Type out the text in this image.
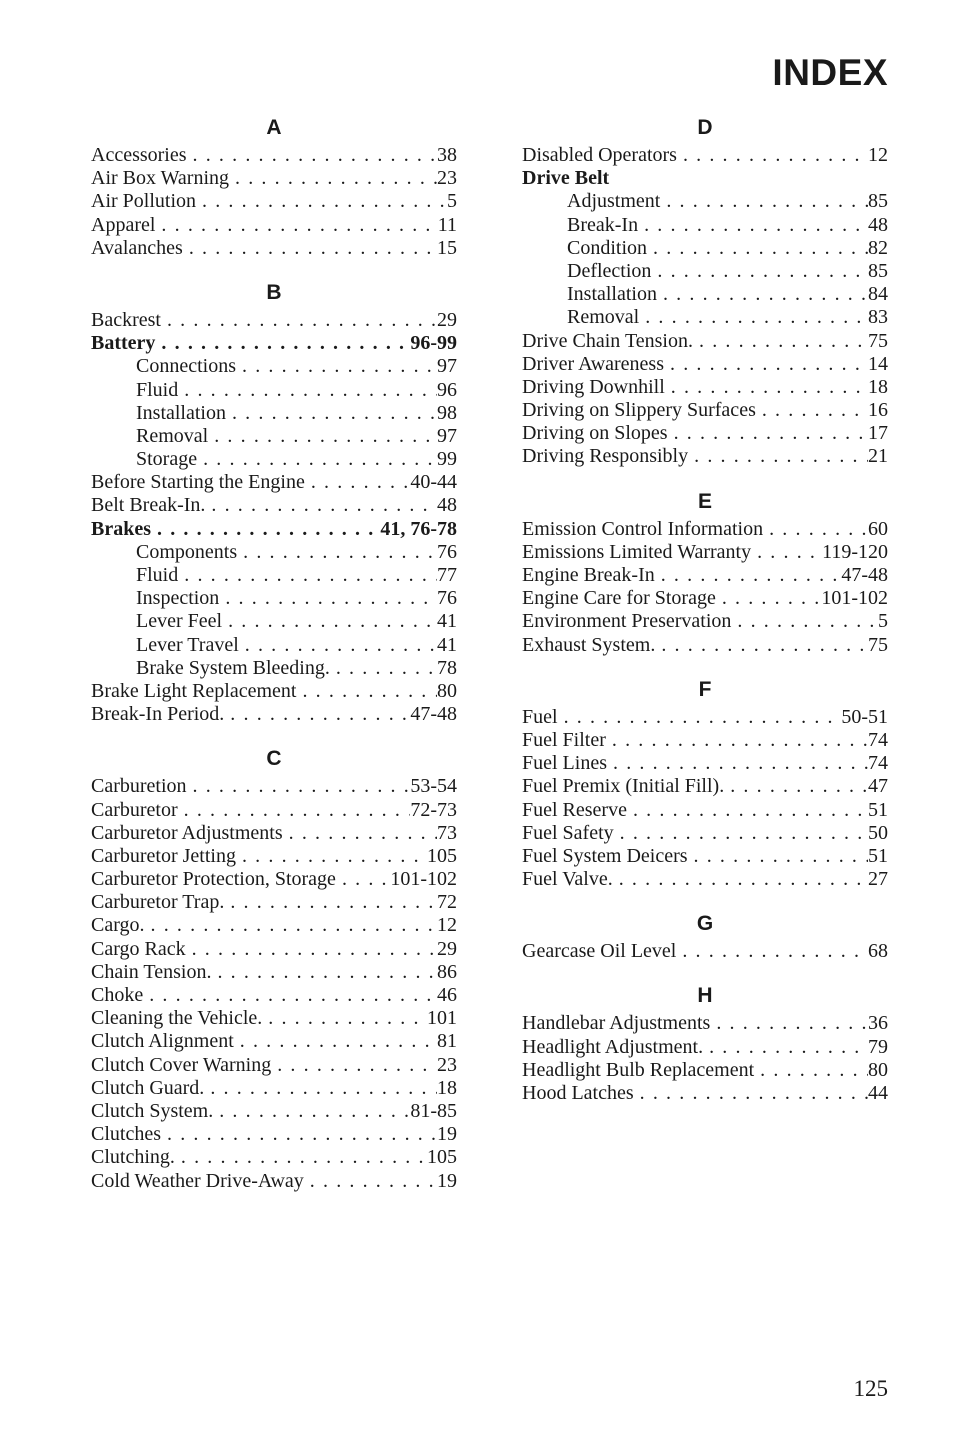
INDEX
A
Accessories . . .	38
Air Box Warning . . .	23
Air Pollution . . .	5
Apparel . . .	11
Avalanches . . .	15
B
Backrest . . .	29
Battery . . .	96-99
Connections . . .	97
Fluid . . .	96
Installation . . .	98
Removal . . .	97
Storage . . .	99
Before Starting the Engine . . .	40-44
Belt Break-In. . . .	48
Brakes . . .	41, 76-78
Components . . .	76
Fluid . . .	77
Inspection . . .	76
Lever Feel . . .	41
Lever Travel . . .	41
Brake System Bleeding. . . .	78
Brake Light Replacement . . .	80
Break-In Period. . . .	47-48
C
Carburetion . . .	53-54
Carburetor . . .	72-73
Carburetor Adjustments . . .	73
Carburetor Jetting . . .	105
Carburetor Protection, Storage . . .	101-102
Carburetor Trap. . . .	72
Cargo. . . .	12
Cargo Rack . . .	29
Chain Tension. . . .	86
Choke . . .	46
Cleaning the Vehicle. . . .	101
Clutch Alignment . . .	81
Clutch Cover Warning . . .	23
Clutch Guard. . . .	18
Clutch System. . . .	81-85
Clutches . . .	19
Clutching. . . .	105
Cold Weather Drive-Away . . .	19
D
Disabled Operators . . .	12
Drive Belt
Adjustment . . .	85
Break-In . . .	48
Condition . . .	82
Deflection . . .	85
Installation . . .	84
Removal . . .	83
Drive Chain Tension. . . .	75
Driver Awareness . . .	14
Driving Downhill . . .	18
Driving on Slippery Surfaces . . .	16
Driving on Slopes . . .	17
Driving Responsibly . . .	21
E
Emission Control Information . . .	60
Emissions Limited Warranty . . .	119-120
Engine Break-In . . .	47-48
Engine Care for Storage . . .	101-102
Environment Preservation . . .	5
Exhaust System. . . .	75
F
Fuel . . .	50-51
Fuel Filter . . .	74
Fuel Lines . . .	74
Fuel Premix (Initial Fill). . . .	47
Fuel Reserve . . .	51
Fuel Safety . . .	50
Fuel System Deicers . . .	51
Fuel Valve. . . .	27
G
Gearcase Oil Level . . .	68
H
Handlebar Adjustments . . .	36
Headlight Adjustment. . . .	79
Headlight Bulb Replacement . . .	80
Hood Latches . . .	44
125
